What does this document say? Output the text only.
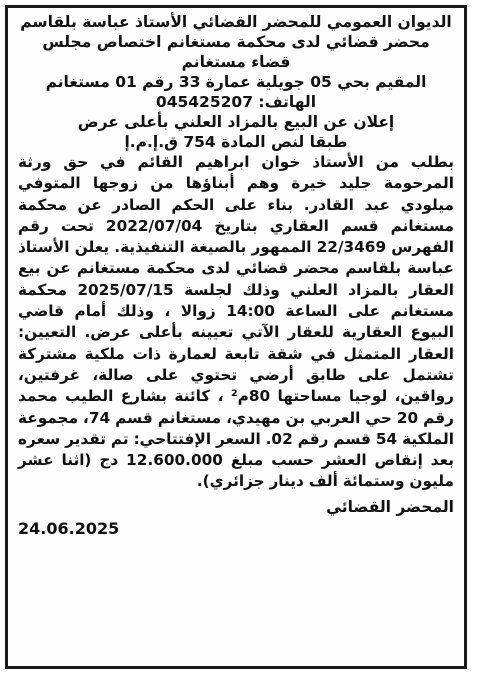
الديوان العمومي للمحضر القضائي الأستاذ عباسة بلقاسم

محضر قضائي لدى محكمة مستغانم اختصاص مجلس

قضاء مستغانم

المقيم بحي 05 جويلية عمارة 33 رقم 01 مستغانم

الهاتف: 045425207

إعلان عن البيع بالمزاد العلني بأعلى عرض

طبقا لنص المادة 754 ق.إ.م.إ

بطلب من الأستاذ خوان ابراهيم القائم في حق ورثة المرحومة جليد خيرة وهم أبناؤها من زوجها المتوفي ميلودي عبد القادر. بناء على الحكم الصادر عن محكمة مستغانم قسم العقاري بتاريخ 2022/07/04 تحت رقم الفهرس 22/3469 الممهور بالصيغة التنفيذية. يعلن الأستاذ عباسة بلقاسم محضر قضائي لدى محكمة مستغانم عن بيع العقار بالمزاد العلني وذلك لجلسة 2025/07/15 محكمة مستغانم على الساعة 14:00 زوالا ، وذلك أمام قاضي البيوع العقارية للعقار الآتي تعيينه بأعلى عرض. التعيين: العقار المتمثل في شقة تابعة لعمارة ذات ملكية مشتركة تشتمل على طابق أرضي تحتوي على صالة، غرفتين، رواقين، لوجيا مساحتها 80م² ، كائنة بشارع الطيب محمد رقم 20 حي العربي بن مهيدي، مستغانم قسم 74، مجموعة الملكية 54 قسم رقم 02. السعر الإفتتاحي: تم تقدير سعره بعد إنقاص العشر حسب مبلغ 12.600.000 دج (اثنا عشر مليون وستمائة ألف دينار جزائري).

المحضر القضائي
24.06.2025
